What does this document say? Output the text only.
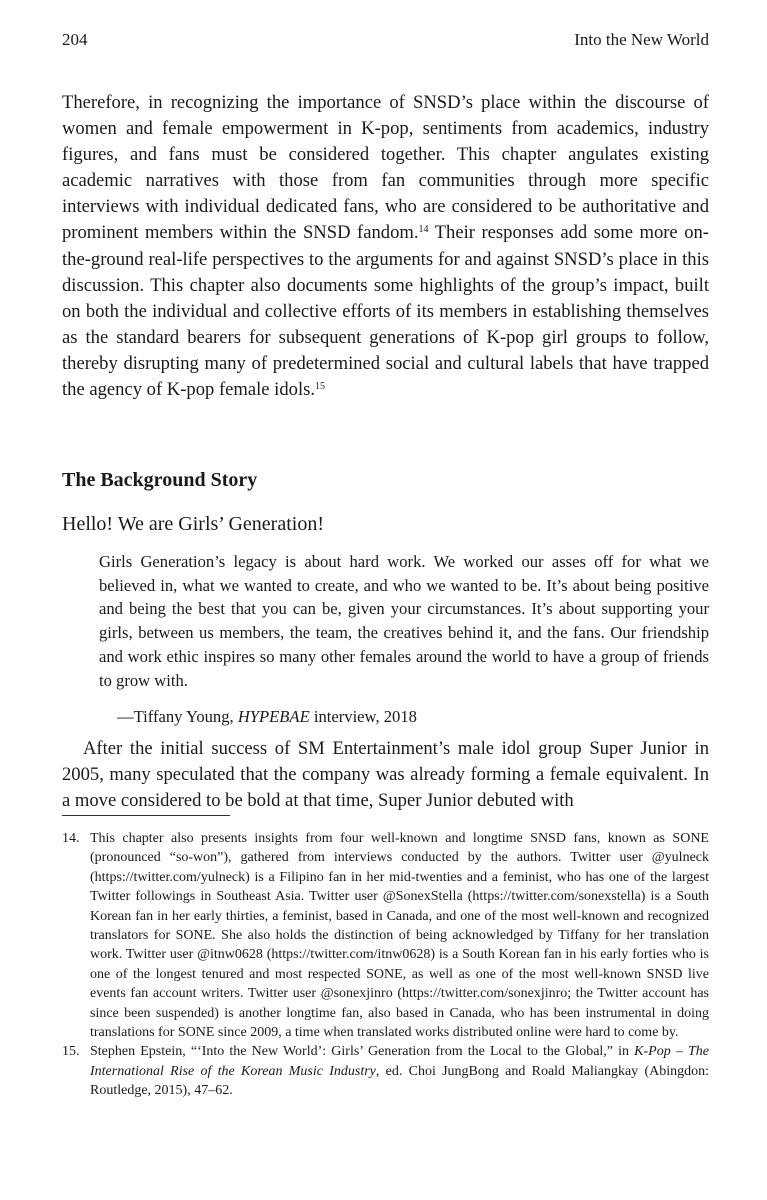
204	Into the New World

Therefore, in recognizing the importance of SNSD’s place within the discourse of women and female empowerment in K-pop, sentiments from academics, industry figures, and fans must be considered together. This chapter angulates existing academic narratives with those from fan communities through more specific interviews with individual dedicated fans, who are considered to be authoritative and prominent members within the SNSD fandom.$^{14}$ Their responses add some more on-the-ground real-life perspectives to the arguments for and against SNSD’s place in this discussion. This chapter also documents some highlights of the group’s impact, built on both the individual and collective efforts of its members in establishing themselves as the standard bearers for subsequent generations of K-pop girl groups to follow, thereby disrupting many of predetermined social and cultural labels that have trapped the agency of K-pop female idols.$^{15}$

The Background Story
Hello! We are Girls’ Generation!

Girls Generation’s legacy is about hard work. We worked our asses off for what we believed in, what we wanted to create, and who we wanted to be. It’s about being positive and being the best that you can be, given your circumstances. It’s about supporting your girls, between us members, the team, the creatives behind it, and the fans. Our friendship and work ethic inspires so many other females around the world to have a group of friends to grow with.

—Tiffany Young, HYPEBAE interview, 2018

After the initial success of SM Entertainment’s male idol group Super Junior in 2005, many speculated that the company was already forming a female equivalent. In a move considered to be bold at that time, Super Junior debuted with

14. This chapter also presents insights from four well-known and longtime SNSD fans, known as SONE (pronounced “so-won”), gathered from interviews conducted by the authors. Twitter user @yulneck (https://twitter.com/yulneck) is a Filipino fan in her mid-twenties and a feminist, who has one of the largest Twitter followings in Southeast Asia. Twitter user @SonexStella (https://twitter.com/sonexstella) is a South Korean fan in her early thirties, a feminist, based in Canada, and one of the most well-known and recognized translators for SONE. She also holds the distinction of being acknowledged by Tiffany for her translation work. Twitter user @itnw0628 (https://twitter.com/itnw0628) is a South Korean fan in his early forties who is one of the longest tenured and most respected SONE, as well as one of the most well-known SNSD live events fan account writers. Twitter user @sonexjinro (https://twitter.com/sonexjinro; the Twitter account has since been suspended) is another longtime fan, also based in Canada, who has been instrumental in doing translations for SONE since 2009, a time when translated works distributed online were hard to come by.
15. Stephen Epstein, “‘Into the New World’: Girls’ Generation from the Local to the Global,” in K-Pop – The International Rise of the Korean Music Industry, ed. Choi JungBong and Roald Maliangkay (Abingdon: Routledge, 2015), 47–62.
